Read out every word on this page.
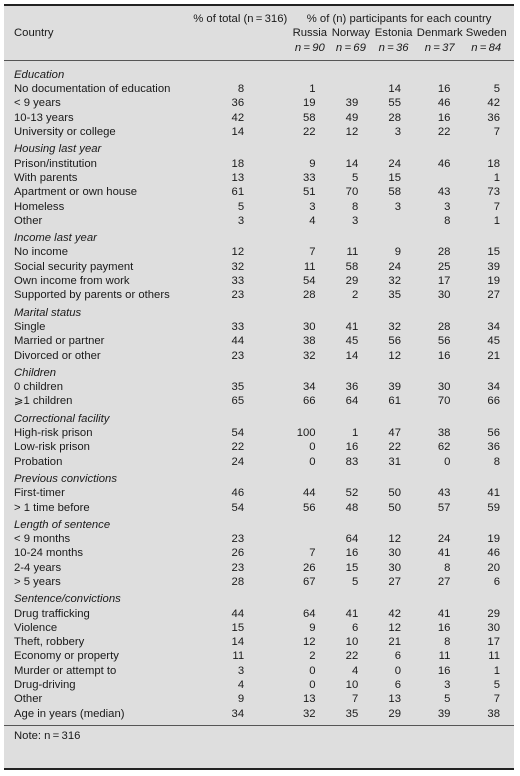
	% of total (n = 316)	% of (n) participants for each country				
Country		Russia	Norway	Estonia	Denmark	Sweden
		n = 90	n = 69	n = 36	n = 37	n = 84
Education						
No documentation of education	8	1		14	16	5
< 9 years	36	19	39	55	46	42
10-13 years	42	58	49	28	16	36
University or college	14	22	12	3	22	7
Housing last year						
Prison/institution	18	9	14	24	46	18
With parents	13	33	5	15		1
Apartment or own house	61	51	70	58	43	73
Homeless	5	3	8	3	3	7
Other	3	4	3		8	1
Income last year						
No income	12	7	11	9	28	15
Social security payment	32	11	58	24	25	39
Own income from work	33	54	29	32	17	19
Supported by parents or others	23	28	2	35	30	27
Marital status						
Single	33	30	41	32	28	34
Married or partner	44	38	45	56	56	45
Divorced or other	23	32	14	12	16	21
Children						
0 children	35	34	36	39	30	34
⩾1 children	65	66	64	61	70	66
Correctional facility						
High-risk prison	54	100	1	47	38	56
Low-risk prison	22	0	16	22	62	36
Probation	24	0	83	31	0	8
Previous convictions						
First-timer	46	44	52	50	43	41
> 1 time before	54	56	48	50	57	59
Length of sentence						
< 9 months	23		64	12	24	19
10-24 months	26	7	16	30	41	46
2-4 years	23	26	15	30	8	20
> 5 years	28	67	5	27	27	6
Sentence/convictions						
Drug trafficking	44	64	41	42	41	29
Violence	15	9	6	12	16	30
Theft, robbery	14	12	10	21	8	17
Economy or property	11	2	22	6	11	11
Murder or attempt to	3	0	4	0	16	1
Drug-driving	4	0	10	6	3	5
Other	9	13	7	13	5	7
Age in years (median)	34	32	35	29	39	38
Note: n = 316						
